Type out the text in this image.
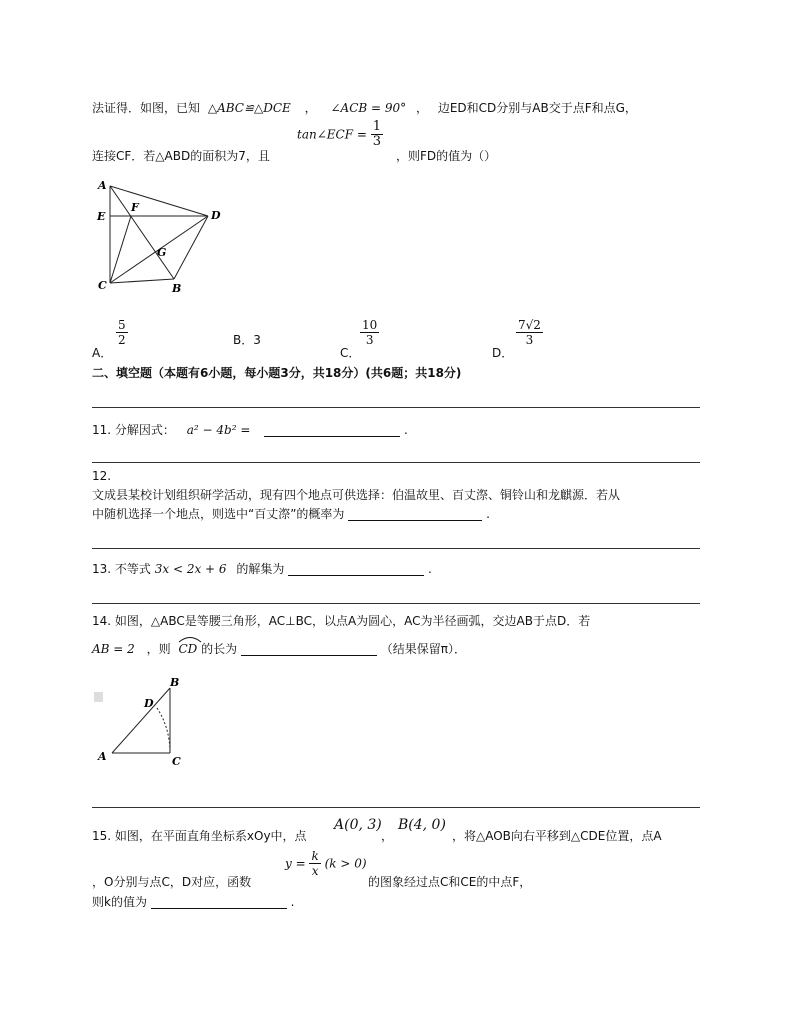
法证得．如图，已知 △ABC≌△DCE ， ∠ACB = 90° ， 边ED和CD分别与AB交于点F和点G，
连接CF．若△ABD的面积为7，且
tan∠ECF = $\frac{1}{3}$
，则FD的值为（）
A
E
F
D
G
C	B
A．
$\frac{5}{2}$	B．3
C．
$\frac{10}{3}$
D．
$\frac{7√2}{3}$
二、填空题（本题有6小题，每小题3分，共18分）(共6题；共18分)
11. 分解因式： a² − 4b² =	.
12.
文成县某校计划组织研学活动，现有四个地点可供选择：伯温故里、百丈漈、铜铃山和龙麒源．若从
中随机选择一个地点，则选中“百丈漈”的概率为	.
13. 不等式 3x < 2x + 6 的解集为	.
14. 如图，△ABC是等腰三角形，AC⊥BC，以点A为圆心，AC为半径画弧，交边AB于点D．若
AB = 2 ，则 CD 的长为	（结果保留π）．
B
D
A	C
15. 如图，在平面直角坐标系xOy中，点
A(0, 3)
，
B(4, 0)
，将△AOB向右平移到△CDE位置，点A
，O分别与点C，D对应，函数
$y = \frac{k}{x} (k > 0)$
的图象经过点C和CE的中点F，
则k的值为	.
